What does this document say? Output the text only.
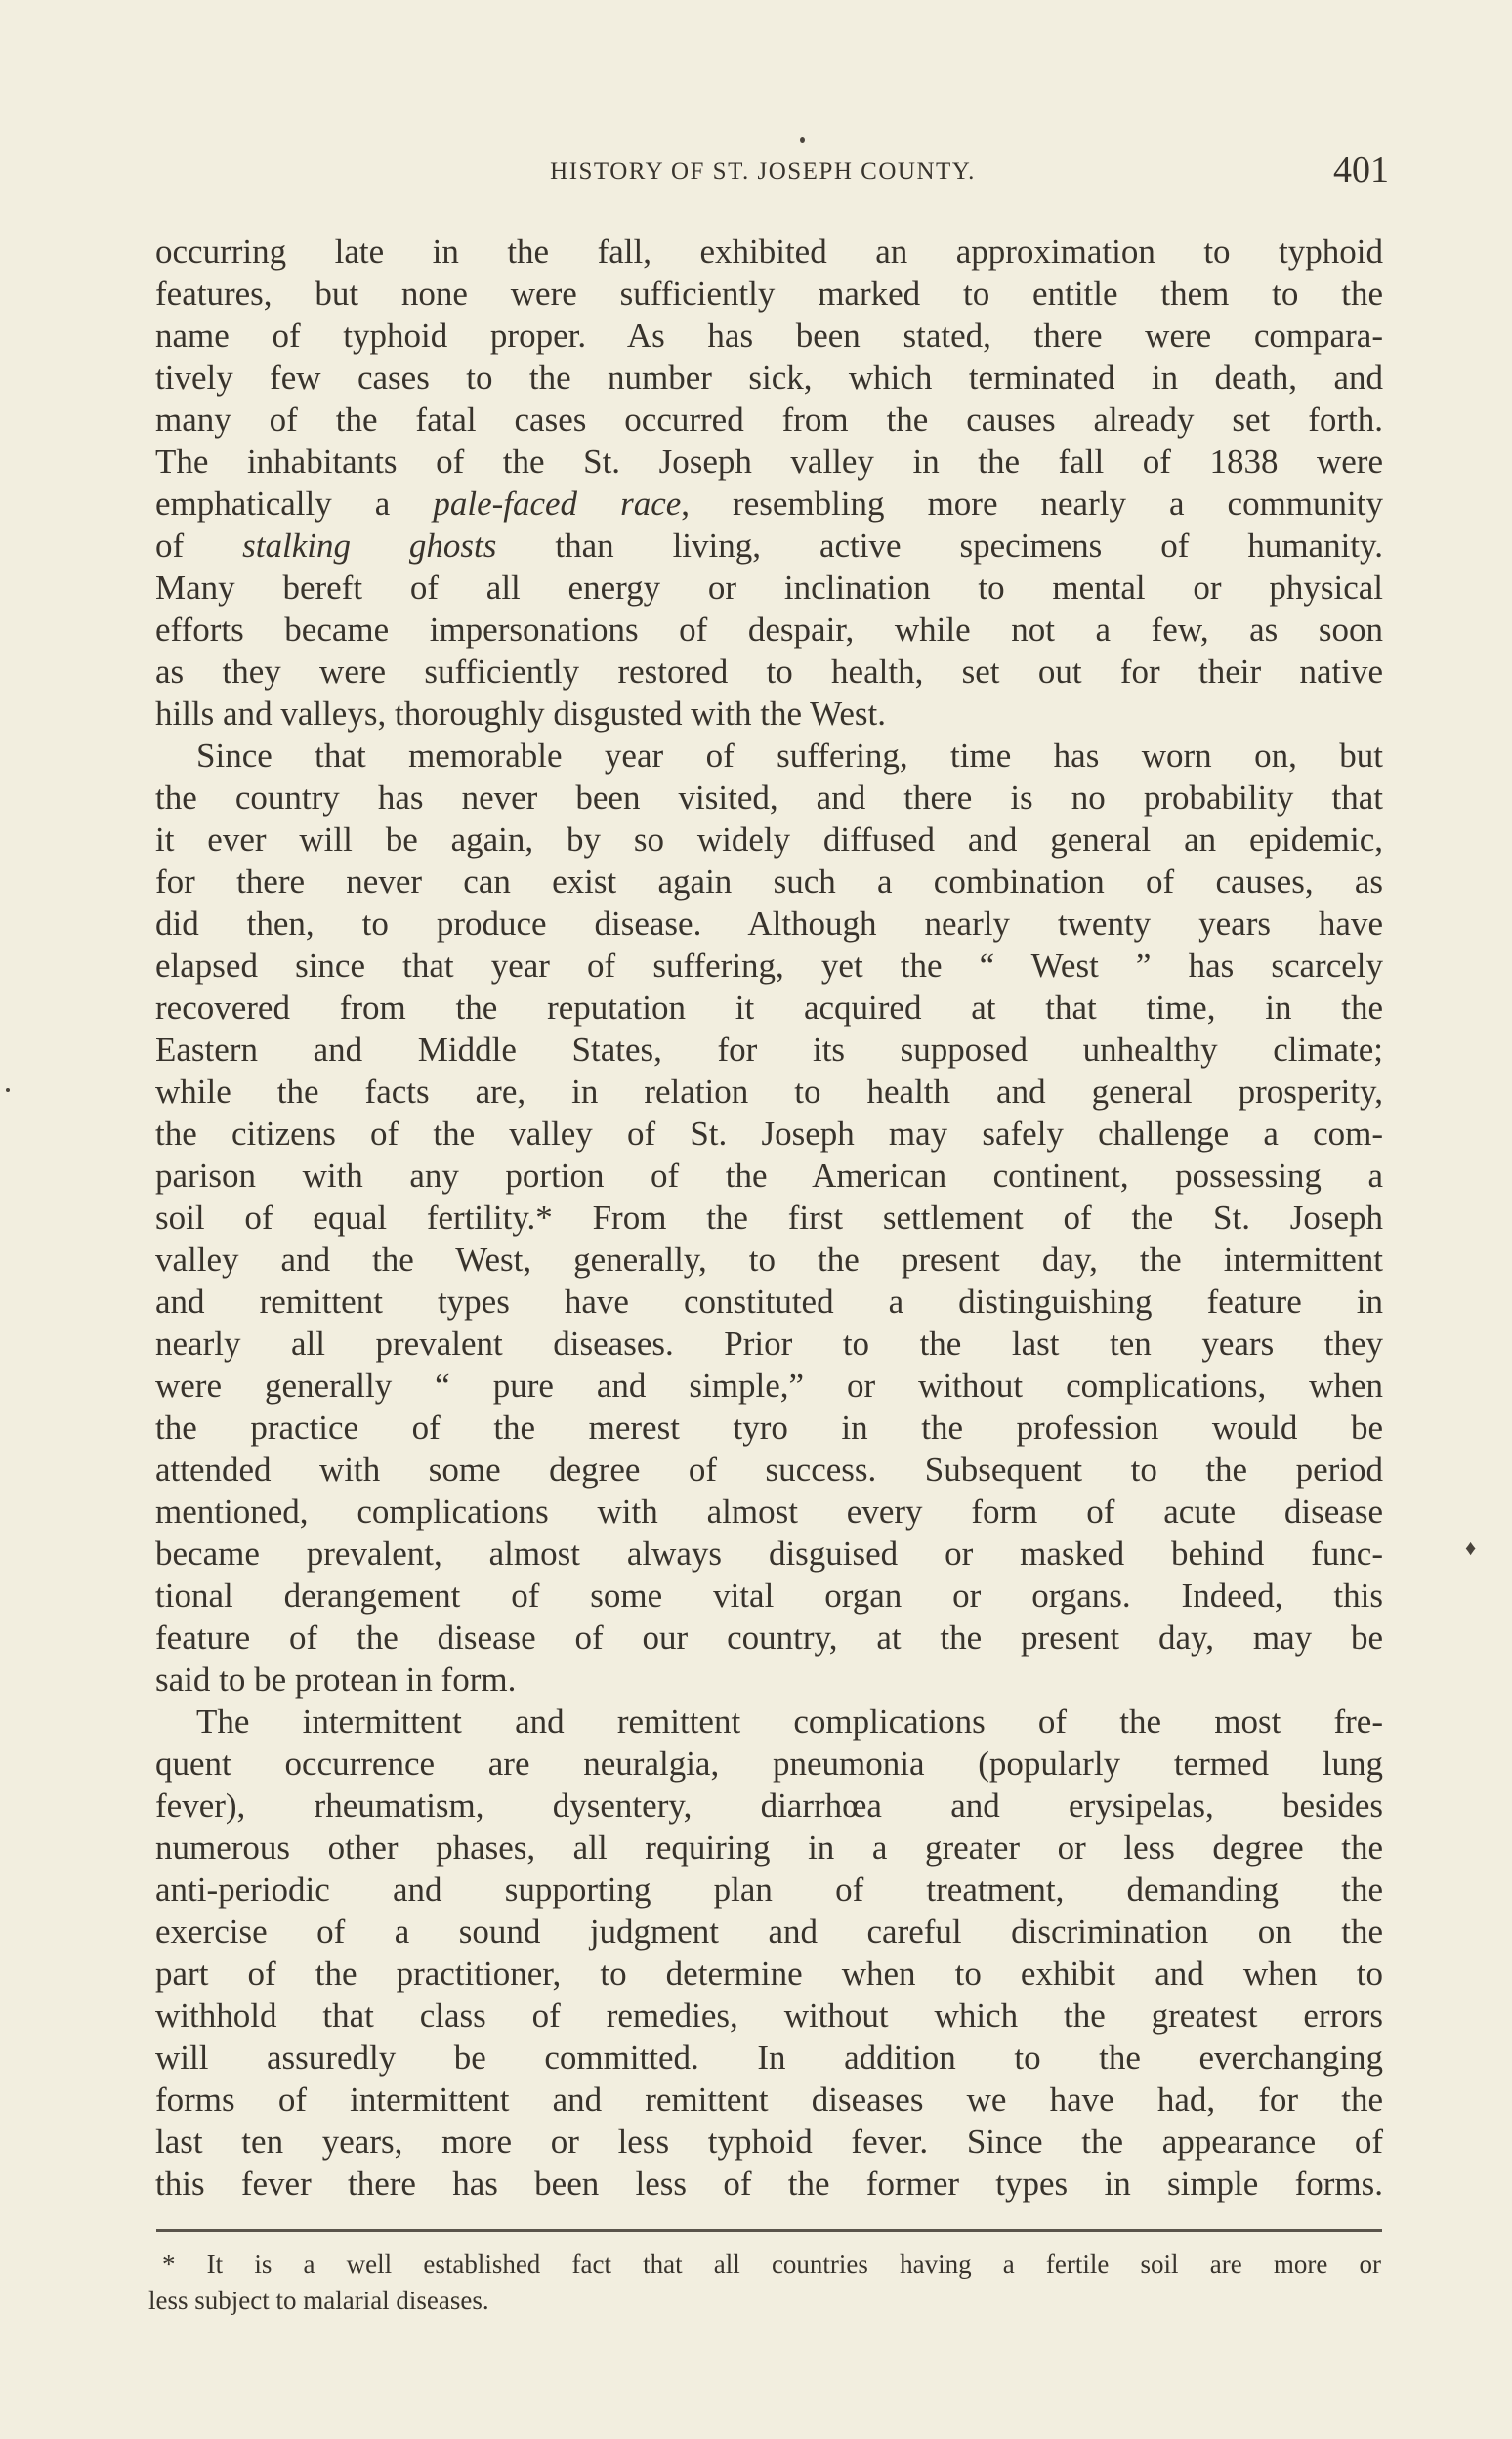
♦
HISTORY OF ST. JOSEPH COUNTY.	401
occurring late in the fall, exhibited an approximation to typhoid
features, but none were sufficiently marked to entitle them to the
name of typhoid proper. As has been stated, there were compara-
tively few cases to the number sick, which terminated in death, and
many of the fatal cases occurred from the causes already set forth.
The inhabitants of the St. Joseph valley in the fall of 1838 were
emphatically a pale-faced race, resembling more nearly a community
of stalking ghosts than living, active specimens of humanity.
Many bereft of all energy or inclination to mental or physical
efforts became impersonations of despair, while not a few, as soon
as they were sufficiently restored to health, set out for their native
hills and valleys, thoroughly disgusted with the West.
Since that memorable year of suffering, time has worn on, but
the country has never been visited, and there is no probability that
it ever will be again, by so widely diffused and general an epidemic,
for there never can exist again such a combination of causes, as
did then, to produce disease. Although nearly twenty years have
elapsed since that year of suffering, yet the “ West ” has scarcely
recovered from the reputation it acquired at that time, in the
Eastern and Middle States, for its supposed unhealthy climate;
while the facts are, in relation to health and general prosperity,
the citizens of the valley of St. Joseph may safely challenge a com-
parison with any portion of the American continent, possessing a
soil of equal fertility.* From the first settlement of the St. Joseph
valley and the West, generally, to the present day, the intermittent
and remittent types have constituted a distinguishing feature in
nearly all prevalent diseases. Prior to the last ten years they
were generally “ pure and simple,” or without complications, when
the practice of the merest tyro in the profession would be
attended with some degree of success. Subsequent to the period
mentioned, complications with almost every form of acute disease
became prevalent, almost always disguised or masked behind func-
tional derangement of some vital organ or organs. Indeed, this
feature of the disease of our country, at the present day, may be
said to be protean in form.
The intermittent and remittent complications of the most fre-
quent occurrence are neuralgia, pneumonia (popularly termed lung
fever), rheumatism, dysentery, diarrhœa and erysipelas, besides
numerous other phases, all requiring in a greater or less degree the
anti-periodic and supporting plan of treatment, demanding the
exercise of a sound judgment and careful discrimination on the
part of the practitioner, to determine when to exhibit and when to
withhold that class of remedies, without which the greatest errors
will assuredly be committed. In addition to the everchanging
forms of intermittent and remittent diseases we have had, for the
last ten years, more or less typhoid fever. Since the appearance of
this fever there has been less of the former types in simple forms.
* It is a well established fact that all countries having a fertile soil are more or
less subject to malarial diseases.
